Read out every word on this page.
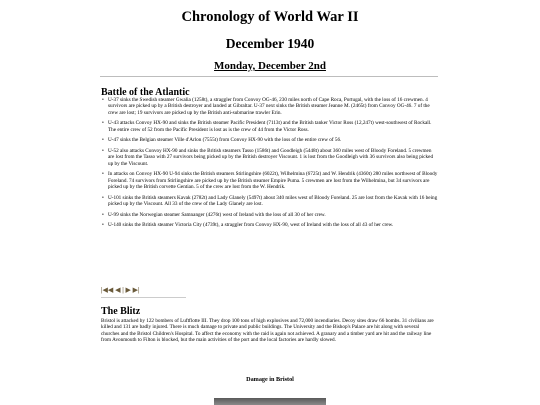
Chronology of World War II
December 1940
Monday, December 2nd
Battle of the Atlantic
• U-37 sinks the Swedish steamer Gwalia (1258t), a straggler from Convoy OG-46, 230 miles north of Cape Roca, Portugal, with the loss of 16 crewmen. 4 survivors are picked up by a British destroyer and landed at Gibraltar. U-37 next sinks the British steamer Jeanne M. (2465t) from Convoy OG-46. 7 of the crew are lost; 19 survivors are picked up by the British anti-submarine trawler Erin.
• U-43 attacks Convoy HX-90 and sinks the British steamer Pacific President (7113t) and the British tanker Victor Ross (12,247t) west-southwest of Rockall. The entire crew of 52 from the Pacific President is lost as is the crew of 44 from the Victor Ross.
• U-47 sinks the Belgian steamer Ville d'Arlon (7555t) from Convoy HX-90 with the loss of the entire crew of 56.
• U-52 also attacks Convoy HX-90 and sinks the British steamers Tasso (1586t) and Goodleigh (5448t) about 360 miles west of Bloody Foreland. 5 crewmen are lost from the Tasso with 27 survivors being picked up by the British destroyer Viscount. 1 is lost from the Goodleigh with 36 survivors also being picked up by the Viscount.
• In attacks on Convoy HX-90 U-94 sinks the British steamers Stirlingshire (6022t), Wilhelmina (6725t) and W. Hendrik (4360t) 280 miles northwest of Bloody Foreland. 74 survivors from Stirlingshire are picked up by the British steamer Empire Puma. 5 crewmen are lost from the Wilhelmina, but 34 survivors are picked up by the British corvette Gentian. 5 of the crew are lost from the W. Hendrik.
• U-101 sinks the British steamers Kavak (2782t) and Lady Glanely (5497t) about 340 miles west of Bloody Foreland. 25 are lost from the Kavak with 16 being picked up by the Viscount. All 33 of the crew of the Lady Glanely are lost.
• U-99 sinks the Norwegian steamer Samnanger (4276t) west of Ireland with the loss of all 30 of her crew.
• U-140 sinks the British steamer Victoria City (4739t), a straggler from Convoy HX-90, west of Ireland with the loss of all 43 of her crew.
|◀◀ ◀ | ▶ ▶|
The Blitz

Bristol is attacked by 122 bombers of Luftflotte III. They drop 100 tons of high explosives and 72,000 incendiaries. Decoy sites draw 66 bombs. 31 civilians are killed and 131 are badly injured. There is much damage to private and public buildings. The University and the Bishop's Palace are hit along with several churches and the Bristol Children's Hospital. To affect the economy with the raid is again not achieved. A granary and a timber yard are hit and the railway line from Avonmouth to Filton is blocked, but the main activities of the port and the local factories are hardly slowed.

Damage in Bristol
